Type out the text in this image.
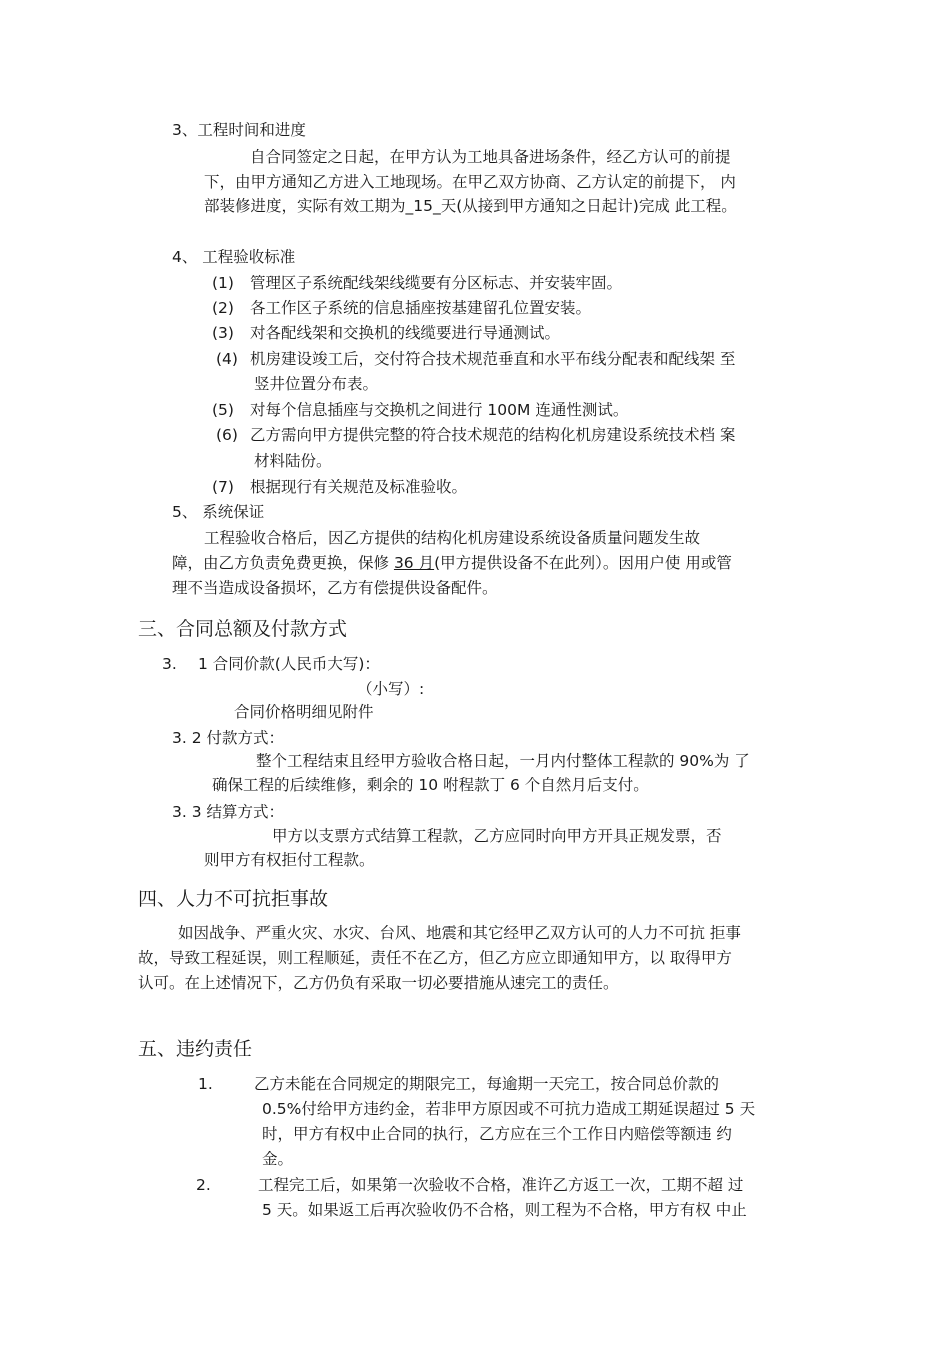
3、工程时间和进度
自合同签定之日起，在甲方认为工地具备进场条件，经乙方认可的前提
下，由甲方通知乙方进入工地现场。在甲乙双方协商、乙方认定的前提下， 内
部装修进度，实际有效工期为_15_天(从接到甲方通知之日起计)完成 此工程。
4、 工程验收标准
(1) 管理区子系统配线架线缆要有分区标志、并安装牢固。
(2) 各工作区子系统的信息插座按基建留孔位置安装。
(3) 对各配线架和交换机的线缆要进行导通测试。
(4) 机房建设竣工后，交付符合技术规范垂直和水平布线分配表和配线架 至
竖井位置分布表。
(5) 对每个信息插座与交换机之间进行 100M 连通性测试。
(6) 乙方需向甲方提供完整的符合技术规范的结构化机房建设系统技术档 案
材料陆份。
(7) 根据现行有关规范及标准验收。
5、 系统保证
工程验收合格后，因乙方提供的结构化机房建设系统设备质量问题发生故
障，由乙方负责免费更换，保修 36 月(甲方提供设备不在此列）。因用户使 用或管
理不当造成设备损坏，乙方有偿提供设备配件。
三、合同总额及付款方式
3. 1 合同价款(人民币大写)：
（小写）:
合同价格明细见附件
3. 2 付款方式：
整个工程结束且经甲方验收合格日起，一月内付整体工程款的 90%为 了
确保工程的后续维修，剩余的 10 咐程款丁 6 个自然月后支付。
3. 3 结算方式：
甲方以支票方式结算工程款，乙方应同时向甲方开具正规发票，否
则甲方有权拒付工程款。
四、人力不可抗拒事故
如因战争、严重火灾、水灾、台风、地震和其它经甲乙双方认可的人力不可抗 拒事
故，导致工程延误，则工程顺延，责任不在乙方，但乙方应立即通知甲方，以 取得甲方
认可。在上述情况下，乙方仍负有采取一切必要措施从速完工的责任。
五、违约责任
1.	乙方未能在合同规定的期限完工，每逾期一天完工，按合同总价款的
0.5%付给甲方违约金，若非甲方原因或不可抗力造成工期延误超过 5 天
时，甲方有权中止合同的执行，乙方应在三个工作日内赔偿等额违 约
金。
2.	工程完工后，如果第一次验收不合格，准许乙方返工一次，工期不超 过
5 天。如果返工后再次验收仍不合格，则工程为不合格，甲方有权 中止
